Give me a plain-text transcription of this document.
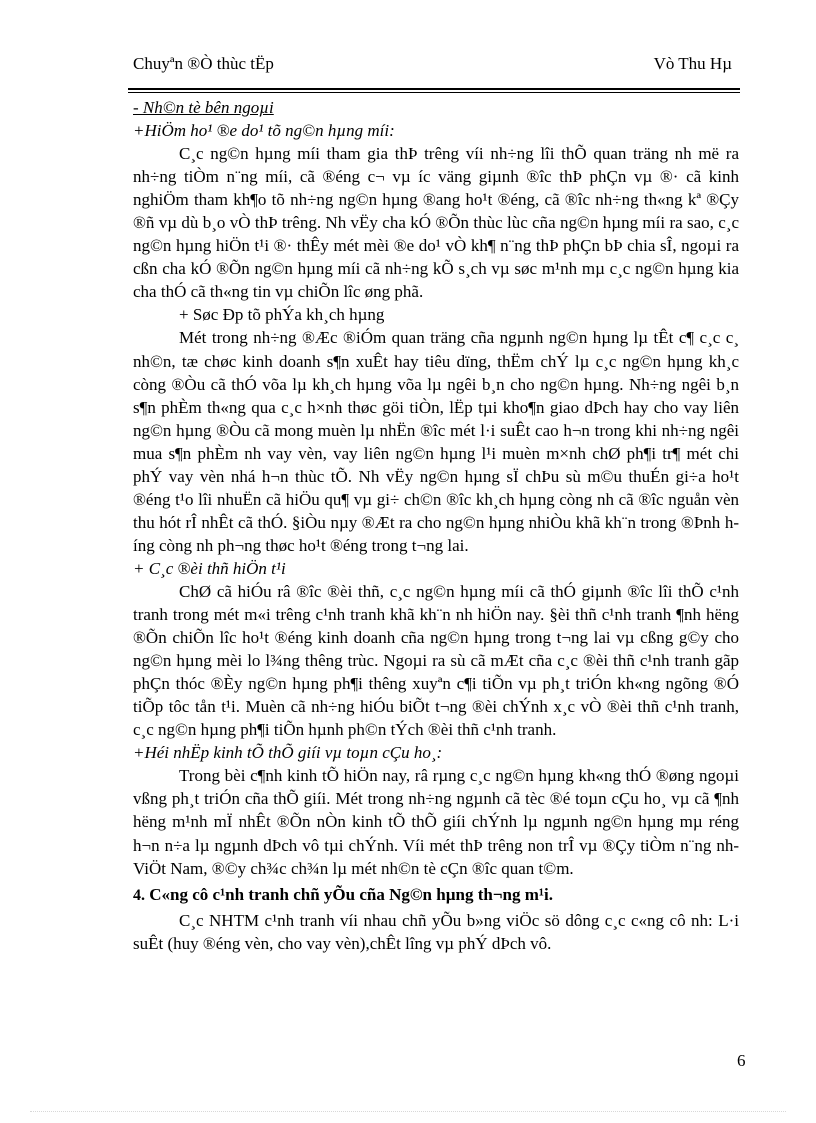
Chuyªn ®Ò thùc tËp	Vò Thu Hµ

- Nh©n tè bên ngoµi

+HiÖm ho¹ ®e do¹ tõ ng©n hµng míi:

C¸c ng©n hµng míi tham gia thÞ trêng víi nh÷ng lîi thÕ quan träng nh më ra nh÷ng tiÒm n¨ng míi, cã ®éng c¬ vµ íc väng giµnh ®îc thÞ phÇn vµ ®· cã kinh nghiÖm tham kh¶o tõ nh÷ng ng©n hµng ®ang ho¹t ®éng, cã ®îc nh÷ng th«ng kª ®Çy ®ñ vµ dù b¸o vÒ thÞ trêng. Nh vËy cha kÓ ®Õn thùc lùc cña ng©n hµng míi ra sao, c¸c ng©n hµng hiÖn t¹i ®· thÊy mét mèi ®e do¹ vÒ kh¶ n¨ng thÞ phÇn bÞ chia sÎ, ngoµi ra cßn cha kÓ ®Õn ng©n hµng míi cã nh÷ng kÕ s¸ch vµ søc m¹nh mµ c¸c ng©n hµng kia cha thÓ cã th«ng tin vµ chiÕn lîc øng phã.

+ Søc Ðp tõ phÝa kh¸ch hµng

Mét trong nh÷ng ®Æc ®iÓm quan träng cña ngµnh ng©n hµng lµ tÊt c¶ c¸c c¸ nh©n, tæ chøc kinh doanh s¶n xuÊt hay tiêu dïng, thËm chÝ lµ c¸c ng©n hµng kh¸c còng ®Òu cã thÓ võa lµ kh¸ch hµng võa lµ ngêi b¸n cho ng©n hµng. Nh÷ng ngêi b¸n s¶n phÈm th«ng qua c¸c h×nh thøc göi tiÒn, lËp tµi kho¶n giao dÞch hay cho vay liên ng©n hµng ®Òu cã mong muèn lµ nhËn ®îc mét l·i suÊt cao h¬n trong khi nh÷ng ngêi mua s¶n phÈm nh vay vèn, vay liên ng©n hµng l¹i muèn m×nh chØ ph¶i tr¶ mét chi phÝ vay vèn nhá h¬n thùc tÕ. Nh vËy ng©n hµng sÏ chÞu sù m©u thuÉn gi÷a ho¹t ®éng t¹o lîi nhuËn cã hiÖu qu¶ vµ gi÷ ch©n ®îc kh¸ch hµng còng nh cã ®îc nguån vèn thu hót rÎ nhÊt cã thÓ. §iÒu nµy ®Æt ra cho ng©n hµng nhiÒu khã kh¨n trong ®Þnh híng còng nh ph¬ng thøc ho¹t ®éng trong t¬ng lai.

+ C¸c ®èi thñ hiÖn t¹i

ChØ cã hiÓu râ ®îc ®èi thñ, c¸c ng©n hµng míi cã thÓ giµnh ®îc lîi thÕ c¹nh tranh trong mét m«i trêng c¹nh tranh khã kh¨n nh hiÖn nay. §èi thñ c¹nh tranh ¶nh hëng ®Õn chiÕn lîc ho¹t ®éng kinh doanh cña ng©n hµng trong t¬ng lai vµ cßng g©y cho ng©n hµng mèi lo l¾ng thêng trùc. Ngoµi ra sù cã mÆt cña c¸c ®èi thñ c¹nh tranh gãp phÇn thóc ®Èy ng©n hµng ph¶i thêng xuyªn c¶i tiÕn vµ ph¸t triÓn kh«ng ngõng ®Ó tiÕp tôc tån t¹i. Muèn cã nh÷ng hiÓu biÕt t¬ng ®èi chÝnh x¸c vÒ ®èi thñ c¹nh tranh, c¸c ng©n hµng ph¶i tiÕn hµnh ph©n tÝch ®èi thñ c¹nh tranh.

+Héi nhËp kinh tÕ thÕ giíi vµ toµn cÇu ho¸:

Trong bèi c¶nh kinh tÕ hiÖn nay, râ rµng c¸c ng©n hµng kh«ng thÓ ®øng ngoµi vßng ph¸t triÓn cña thÕ giíi. Mét trong nh÷ng ngµnh cã tèc ®é toµn cÇu ho¸ vµ cã ¶nh hëng m¹nh mÏ nhÊt ®Õn nÒn kinh tÕ thÕ giíi chÝnh lµ ngµnh ng©n hµng mµ réng h¬n n÷a lµ ngµnh dÞch vô tµi chÝnh. Víi mét thÞ trêng non trÎ vµ ®Çy tiÒm n¨ng nh ViÖt Nam, ®©y ch¾c ch¾n lµ mét nh©n tè cÇn ®îc quan t©m.

4. C«ng cô c¹nh tranh chñ yÕu cña Ng©n hµng th¬ng m¹i.

C¸c NHTM c¹nh tranh víi nhau chñ yÕu b»ng viÖc sö dông c¸c c«ng cô nh: L·i suÊt (huy ®éng vèn, cho vay vèn),chÊt lîng vµ phÝ dÞch vô.

6
